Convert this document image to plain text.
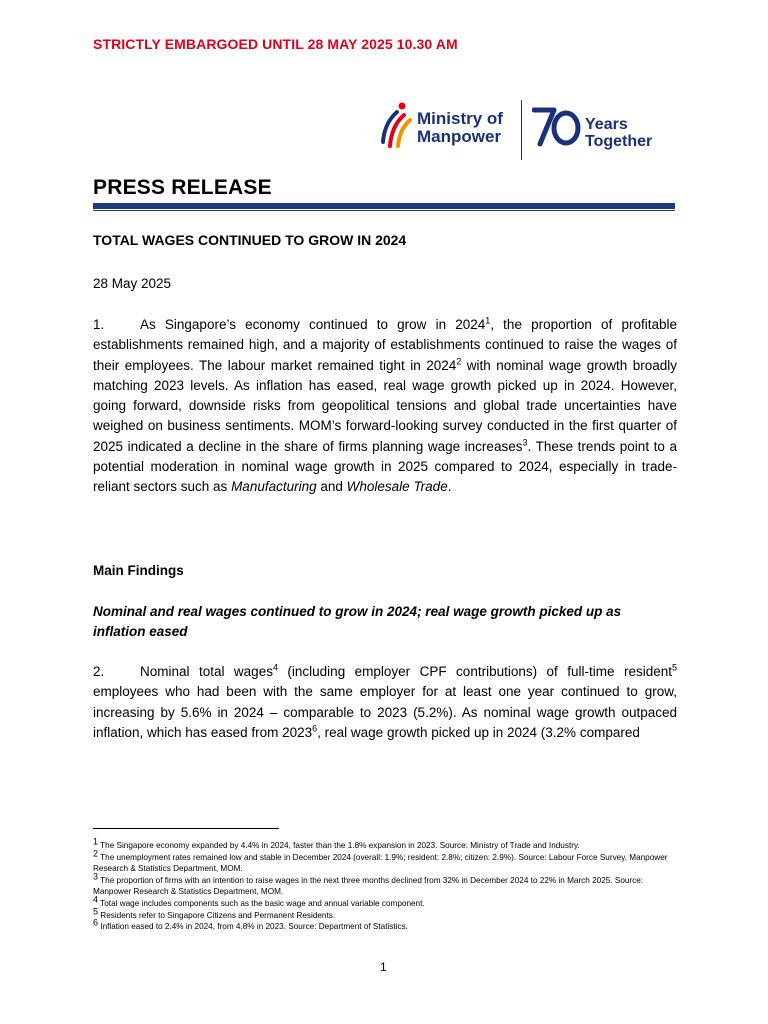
STRICTLY EMBARGOED UNTIL 28 MAY 2025 10.30 AM
Ministry of
Manpower
Years
Together
PRESS RELEASE
TOTAL WAGES CONTINUED TO GROW IN 2024
28 May 2025
1.	As Singapore’s economy continued to grow in 2024$^1$, the proportion of profitable establishments remained high, and a majority of establishments continued to raise the wages of their employees. The labour market remained tight in 2024$^2$ with nominal wage growth broadly matching 2023 levels. As inflation has eased, real wage growth picked up in 2024. However, going forward, downside risks from geopolitical tensions and global trade uncertainties have weighed on business sentiments. MOM’s forward-looking survey conducted in the first quarter of 2025 indicated a decline in the share of firms planning wage increases$^3$. These trends point to a potential moderation in nominal wage growth in 2025 compared to 2024, especially in trade-reliant sectors such as Manufacturing and Wholesale Trade.
Main Findings
Nominal and real wages continued to grow in 2024; real wage growth picked up as inflation eased
2.	Nominal total wages$^4$ (including employer CPF contributions) of full-time resident$^5$ employees who had been with the same employer for at least one year continued to grow, increasing by 5.6% in 2024 – comparable to 2023 (5.2%). As nominal wage growth outpaced inflation, which has eased from 2023$^6$, real wage growth picked up in 2024 (3.2% compared
$^1$ The Singapore economy expanded by 4.4% in 2024, faster than the 1.8% expansion in 2023. Source: Ministry of Trade and Industry.
$^2$ The unemployment rates remained low and stable in December 2024 (overall: 1.9%; resident: 2.8%; citizen: 2.9%). Source: Labour Force Survey, Manpower Research & Statistics Department, MOM.
$^3$ The proportion of firms with an intention to raise wages in the next three months declined from 32% in December 2024 to 22% in March 2025. Source: Manpower Research & Statistics Department, MOM.
$^4$ Total wage includes components such as the basic wage and annual variable component.
$^5$ Residents refer to Singapore Citizens and Permanent Residents.
$^6$ Inflation eased to 2.4% in 2024, from 4.8% in 2023. Source: Department of Statistics.
1
